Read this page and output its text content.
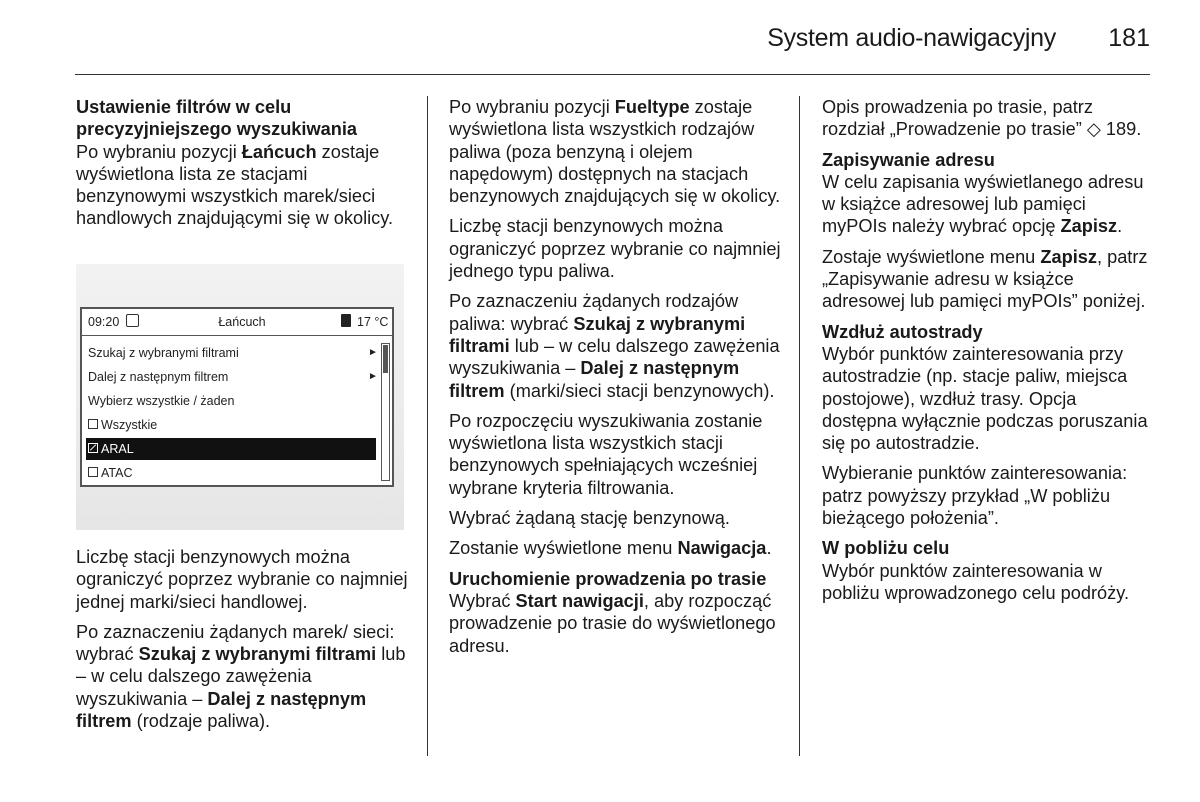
System audio-nawigacyjny	181
Ustawienie filtrów w celu precyzyjniejszego wyszukiwania

Po wybraniu pozycji Łańcuch zostaje wyświetlona lista ze stacjami benzynowymi wszystkich marek/sieci handlowych znajdującymi się w okolicy.

09:20	Łańcuch	17 °C
Szukaj z wybranymi filtrami	►
Dalej z następnym filtrem	►
Wybierz wszystkie / żaden
Wszystkie
ARAL
ATAC

Liczbę stacji benzynowych można ograniczyć poprzez wybranie co najmniej jednej marki/sieci handlowej.

Po zaznaczeniu żądanych marek/ sieci: wybrać Szukaj z wybranymi filtrami lub – w celu dalszego zawężenia wyszukiwania – Dalej z następnym filtrem (rodzaje paliwa).

Po wybraniu pozycji Fueltype zostaje wyświetlona lista wszystkich rodzajów paliwa (poza benzyną i olejem napędowym) dostępnych na stacjach benzynowych znajdujących się w okolicy.

Liczbę stacji benzynowych można ograniczyć poprzez wybranie co najmniej jednego typu paliwa.

Po zaznaczeniu żądanych rodzajów paliwa: wybrać Szukaj z wybranymi filtrami lub – w celu dalszego zawężenia wyszukiwania – Dalej z następnym filtrem (marki/sieci stacji benzynowych).

Po rozpoczęciu wyszukiwania zostanie wyświetlona lista wszystkich stacji benzynowych spełniających wcześniej wybrane kryteria filtrowania.

Wybrać żądaną stację benzynową.

Zostanie wyświetlone menu Nawigacja.

Uruchomienie prowadzenia po trasie

Wybrać Start nawigacji, aby rozpocząć prowadzenie po trasie do wyświetlonego adresu.

Opis prowadzenia po trasie, patrz rozdział „Prowadzenie po trasie” ◇ 189.

Zapisywanie adresu

W celu zapisania wyświetlanego adresu w książce adresowej lub pamięci myPOIs należy wybrać opcję Zapisz.

Zostaje wyświetlone menu Zapisz, patrz „Zapisywanie adresu w książce adresowej lub pamięci myPOIs” poniżej.

Wzdłuż autostrady

Wybór punktów zainteresowania przy autostradzie (np. stacje paliw, miejsca postojowe), wzdłuż trasy. Opcja dostępna wyłącznie podczas poruszania się po autostradzie.

Wybieranie punktów zainteresowania: patrz powyższy przykład „W pobliżu bieżącego położenia”.

W pobliżu celu

Wybór punktów zainteresowania w pobliżu wprowadzonego celu podróży.
